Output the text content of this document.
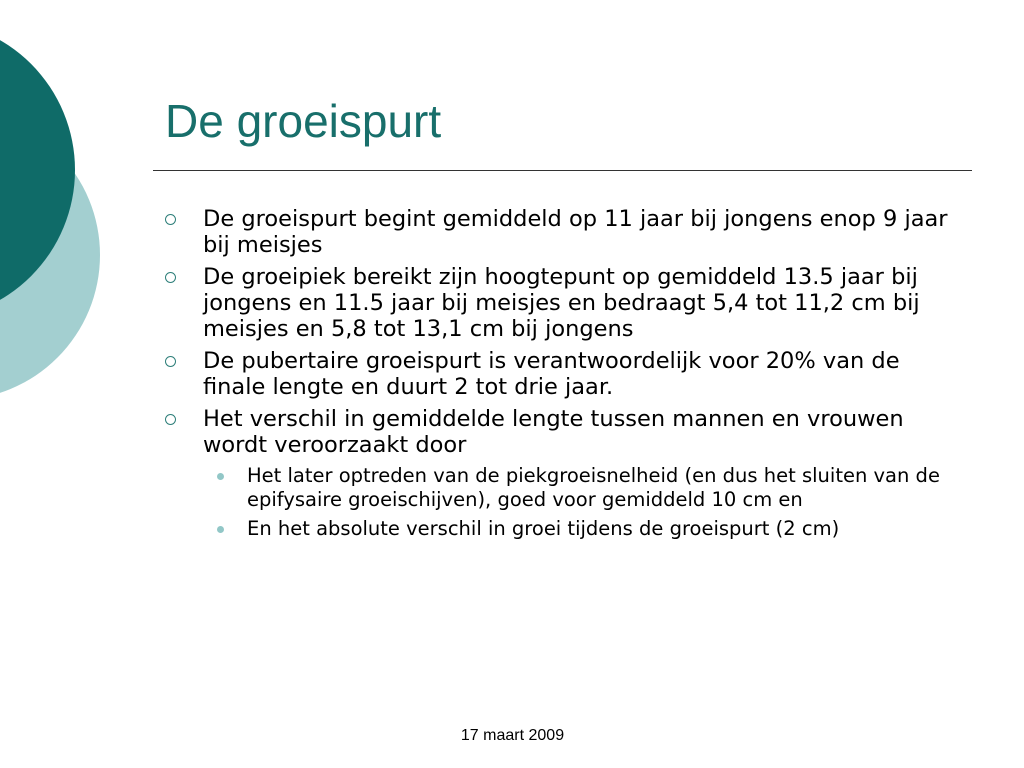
De groeispurt
De groeispurt begint gemiddeld op 11 jaar bij jongens enop 9 jaar bij meisjes
De groeipiek bereikt zijn hoogtepunt op gemiddeld 13.5 jaar bij jongens en 11.5 jaar bij meisjes en bedraagt 5,4 tot 11,2 cm bij meisjes en 5,8 tot 13,1 cm bij jongens
De pubertaire groeispurt is verantwoordelijk voor 20% van de finale lengte en duurt 2 tot drie jaar.
Het verschil in gemiddelde lengte tussen mannen en vrouwen wordt veroorzaakt door
Het later optreden van de piekgroeisnelheid (en dus het sluiten van de epifysaire groeischijven), goed voor gemiddeld 10 cm en
En het absolute verschil in groei tijdens de groeispurt (2 cm)
17 maart 2009
